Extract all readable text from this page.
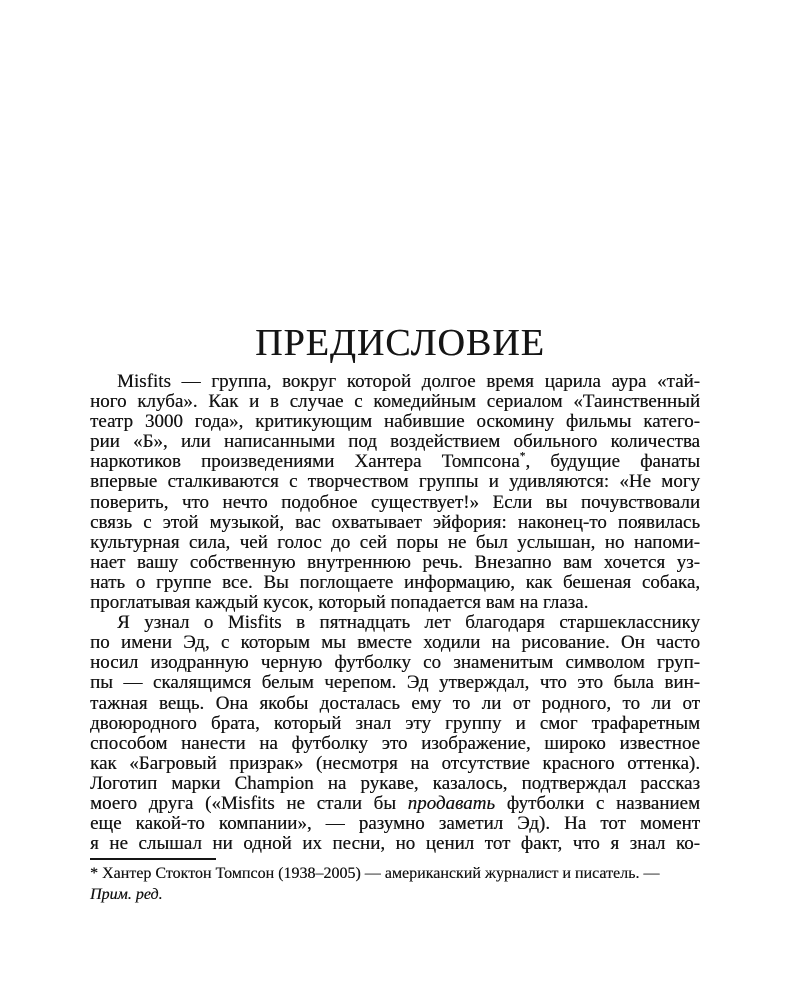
ПРЕДИСЛОВИЕ
Misfits — группа, вокруг которой долгое время царила аура «тай-
ного клуба». Как и в случае с комедийным сериалом «Таинственный
театр 3000 года», критикующим набившие оскомину фильмы катего-
рии «Б», или написанными под воздействием обильного количества
наркотиков произведениями Хантера Томпсона*, будущие фанаты
впервые сталкиваются с творчеством группы и удивляются: «Не могу
поверить, что нечто подобное существует!» Если вы почувствовали
связь с этой музыкой, вас охватывает эйфория: наконец-то появилась
культурная сила, чей голос до сей поры не был услышан, но напоми-
нает вашу собственную внутреннюю речь. Внезапно вам хочется уз-
нать о группе все. Вы поглощаете информацию, как бешеная собака,
проглатывая каждый кусок, который попадается вам на глаза.
Я узнал о Misfits в пятнадцать лет благодаря старшекласснику
по имени Эд, с которым мы вместе ходили на рисование. Он часто
носил изодранную черную футболку со знаменитым символом груп-
пы — скалящимся белым черепом. Эд утверждал, что это была вин-
тажная вещь. Она якобы досталась ему то ли от родного, то ли от
двоюродного брата, который знал эту группу и смог трафаретным
способом нанести на футболку это изображение, широко известное
как «Багровый призрак» (несмотря на отсутствие красного оттенка).
Логотип марки Champion на рукаве, казалось, подтверждал рассказ
моего друга («Misfits не стали бы продавать футболки с названием
еще какой-то компании», — разумно заметил Эд). На тот момент
я не слышал ни одной их песни, но ценил тот факт, что я знал ко-
* Хантер Стоктон Томпсон (1938–2005) — американский журналист и писатель. —
Прим. ред.
